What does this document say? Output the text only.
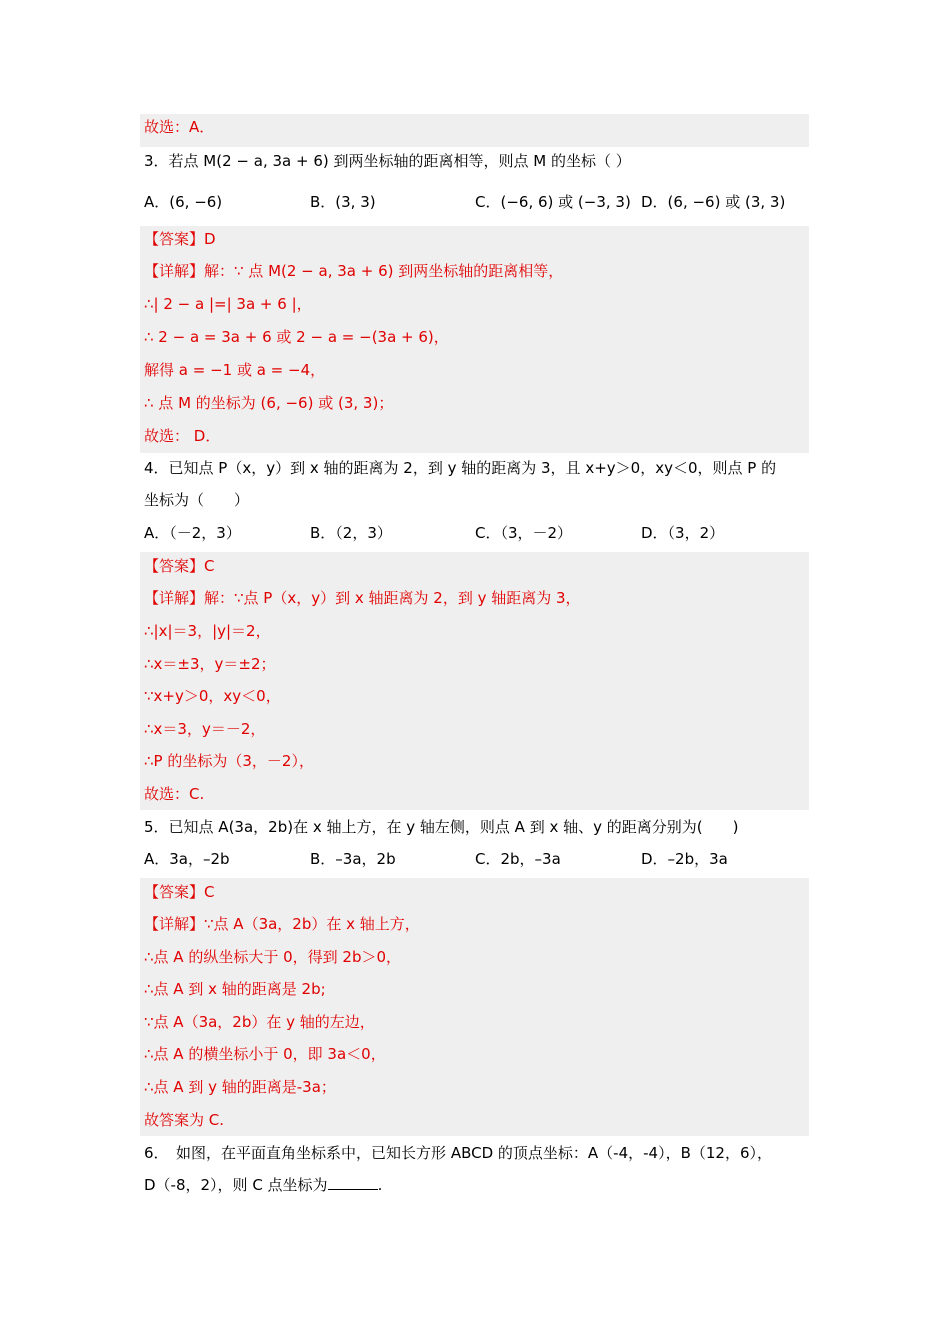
故选：A．
3．若点 M(2 − a, 3a + 6) 到两坐标轴的距离相等，则点 M 的坐标（ ）
A．(6, −6)	B．(3, 3)	C．(−6, 6) 或 (−3, 3) D．(6, −6) 或 (3, 3)
【答案】D
【详解】解：∵ 点 M(2 − a, 3a + 6) 到两坐标轴的距离相等，
∴| 2 − a |=| 3a + 6 |，
∴ 2 − a = 3a + 6 或 2 − a = −(3a + 6)，
解得 a = −1 或 a = −4，
∴ 点 M 的坐标为 (6, −6) 或 (3, 3)；
故选： D．
4．已知点 P（x，y）到 x 轴的距离为 2，到 y 轴的距离为 3，且 x+y＞0，xy＜0，则点 P 的
坐标为（　　）
A．（－2，3）	B．（2，3）	C．（3，－2）	D．（3，2）
【答案】C
【详解】解：∵点 P（x，y）到 x 轴距离为 2，到 y 轴距离为 3，
∴|x|＝3，|y|＝2，
∴x＝±3，y＝±2；
∵x+y＞0，xy＜0，
∴x＝3，y＝－2，
∴P 的坐标为（3，－2），
故选：C.
5．已知点 A(3a，2b)在 x 轴上方，在 y 轴左侧，则点 A 到 x 轴、y 的距离分别为(　　)
A．3a，–2b	B．–3a，2b	C．2b，–3a	D．–2b，3a
【答案】C
【详解】∵点 A（3a，2b）在 x 轴上方，
∴点 A 的纵坐标大于 0，得到 2b＞0，
∴点 A 到 x 轴的距离是 2b;
∵点 A（3a，2b）在 y 轴的左边，
∴点 A 的横坐标小于 0，即 3a＜0，
∴点 A 到 y 轴的距离是-3a；
故答案为 C.
6．　如图，在平面直角坐标系中，已知长方形 ABCD 的顶点坐标：A（-4，-4），B（12，6），
D（-8，2），则 C 点坐标为	.
